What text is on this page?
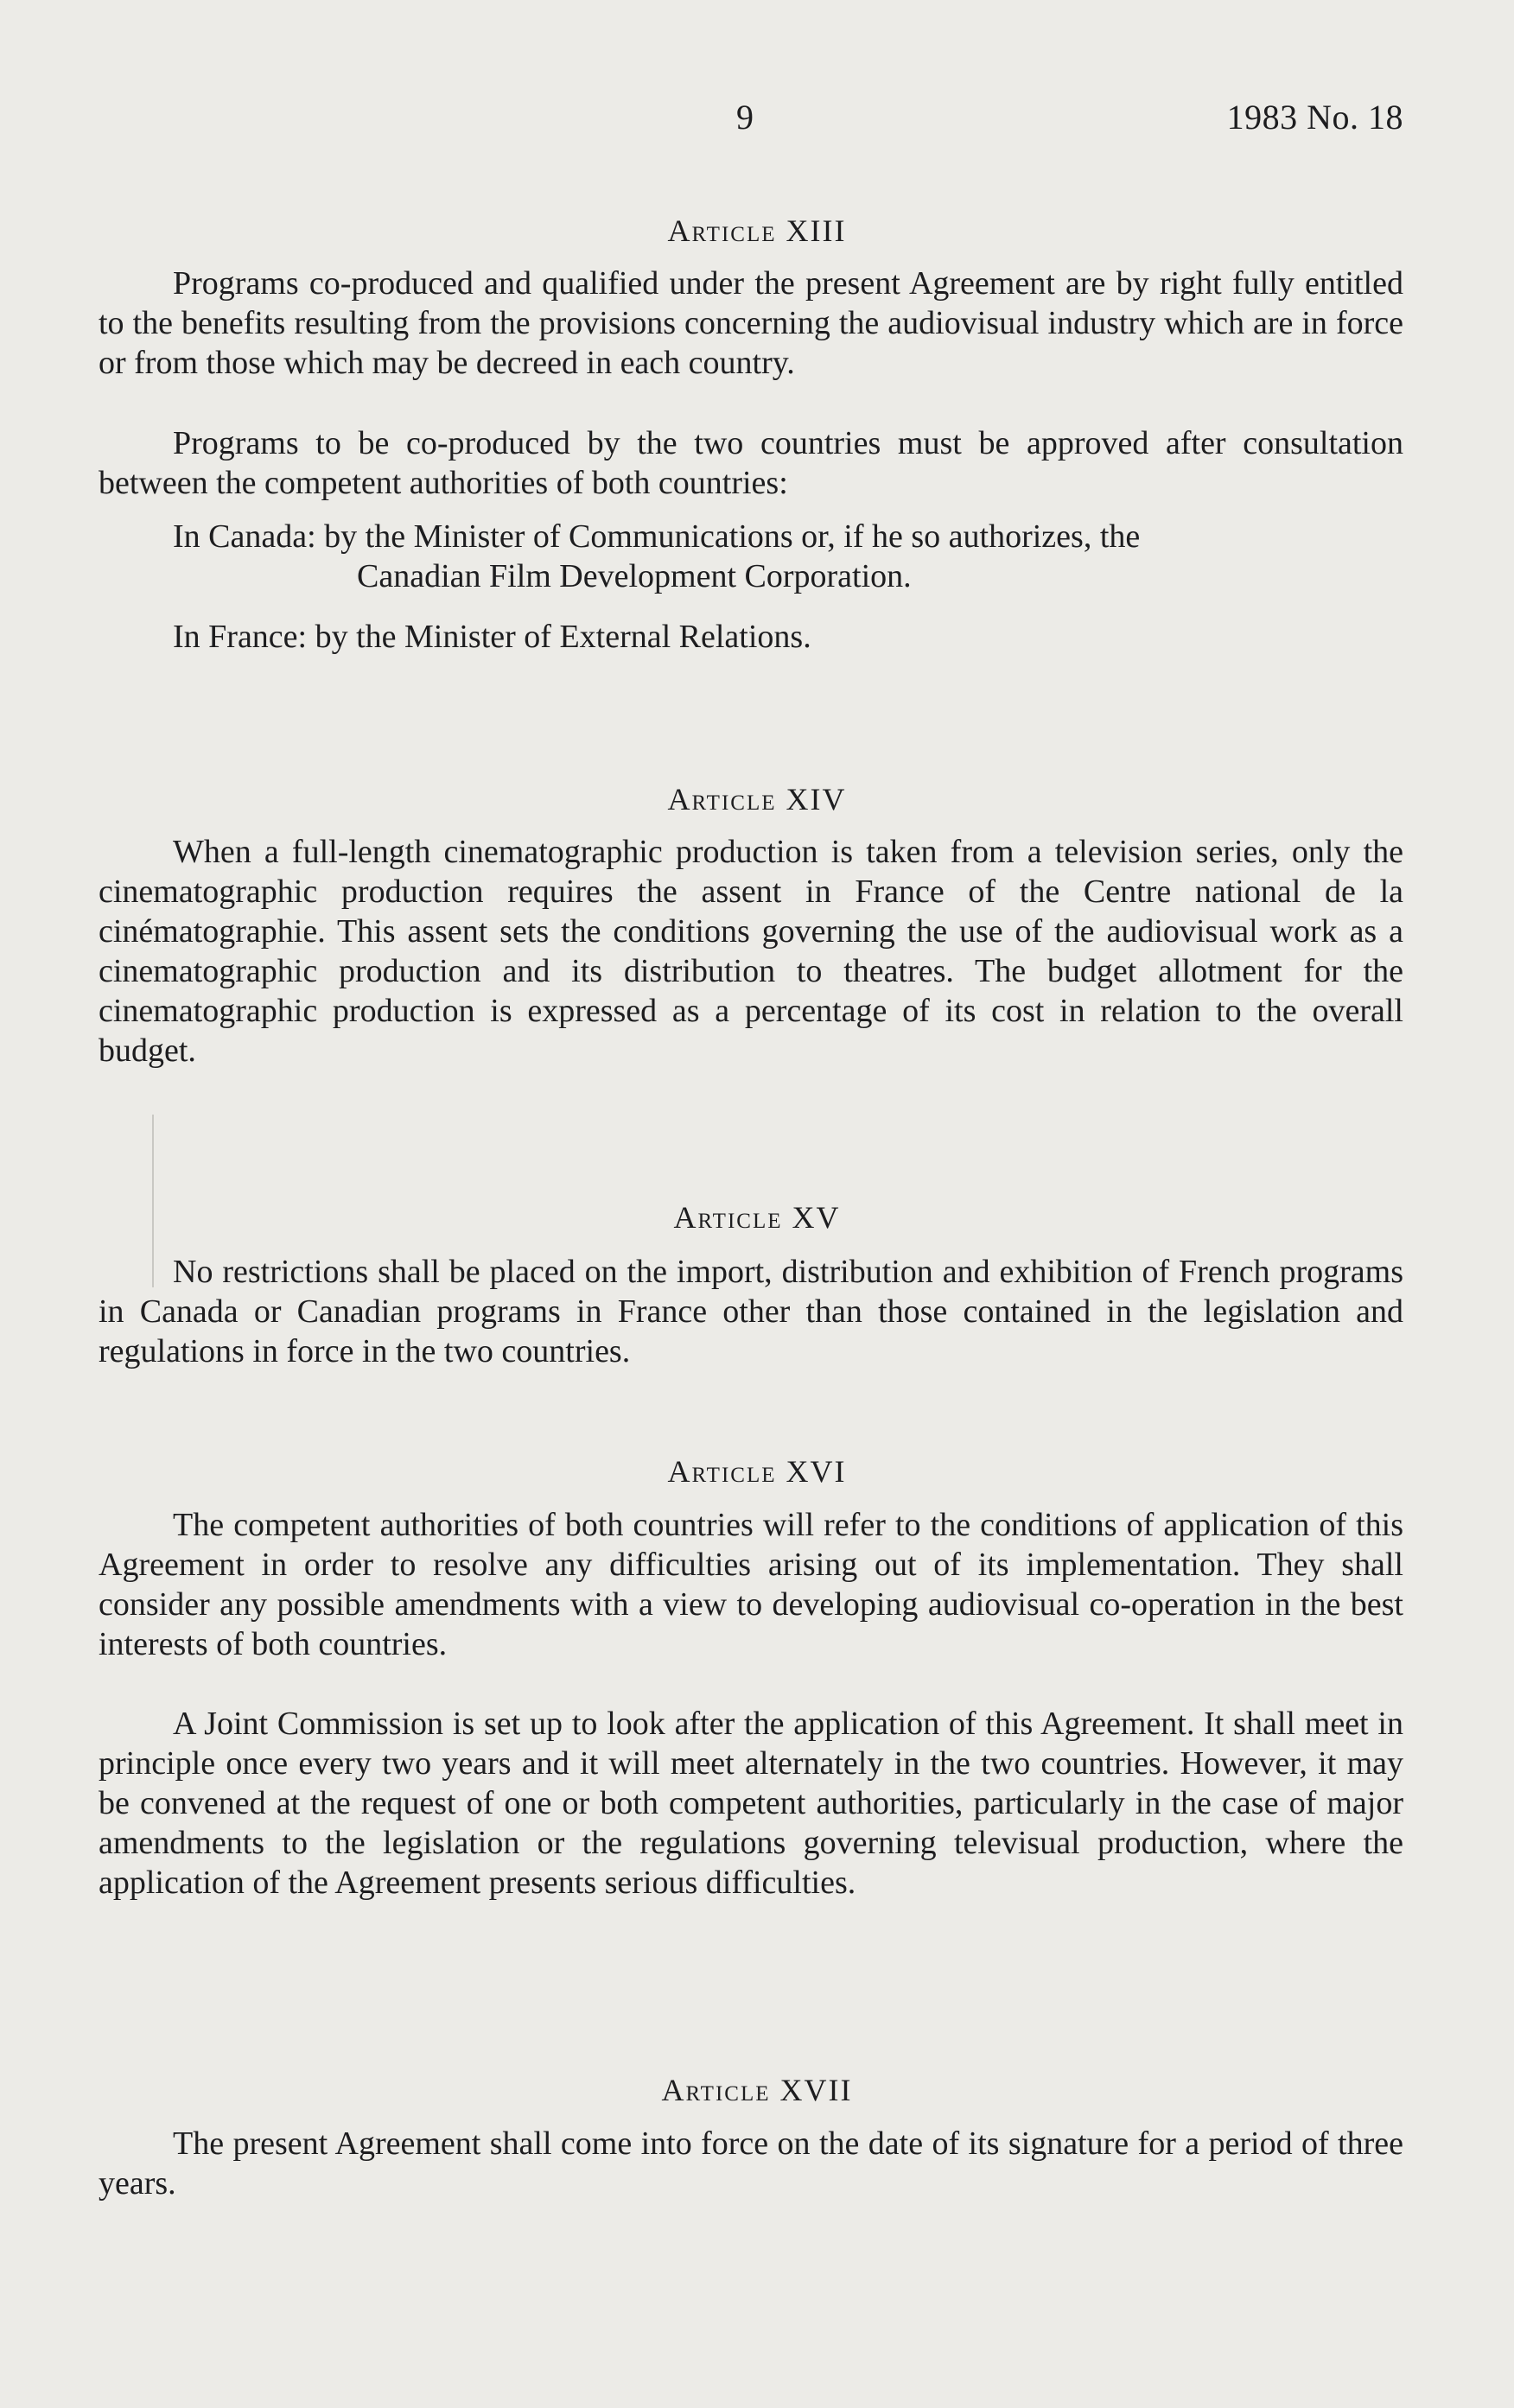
9	1983 No. 18
Article XIII
Programs co-produced and qualified under the present Agreement are by right fully entitled to the benefits resulting from the provisions concerning the audiovisual industry which are in force or from those which may be decreed in each country.
Programs to be co-produced by the two countries must be approved after consultation between the competent authorities of both countries:
In Canada: by the Minister of Communications or, if he so authorizes, the
Canadian Film Development Corporation.
In France: by the Minister of External Relations.
Article XIV
When a full-length cinematographic production is taken from a television series, only the cinematographic production requires the assent in France of the Centre national de la cinématographie. This assent sets the conditions governing the use of the audiovisual work as a cinematographic production and its distribution to theatres. The budget allotment for the cinematographic production is expressed as a percentage of its cost in relation to the overall budget.
Article XV
No restrictions shall be placed on the import, distribution and exhibition of French programs in Canada or Canadian programs in France other than those contained in the legislation and regulations in force in the two countries.
Article XVI
The competent authorities of both countries will refer to the conditions of application of this Agreement in order to resolve any difficulties arising out of its implementation. They shall consider any possible amendments with a view to developing audiovisual co-operation in the best interests of both countries.
A Joint Commission is set up to look after the application of this Agreement. It shall meet in principle once every two years and it will meet alternately in the two countries. However, it may be convened at the request of one or both competent authorities, particularly in the case of major amendments to the legislation or the regulations governing televisual production, where the application of the Agreement presents serious difficulties.
Article XVII
The present Agreement shall come into force on the date of its signature for a period of three years.
